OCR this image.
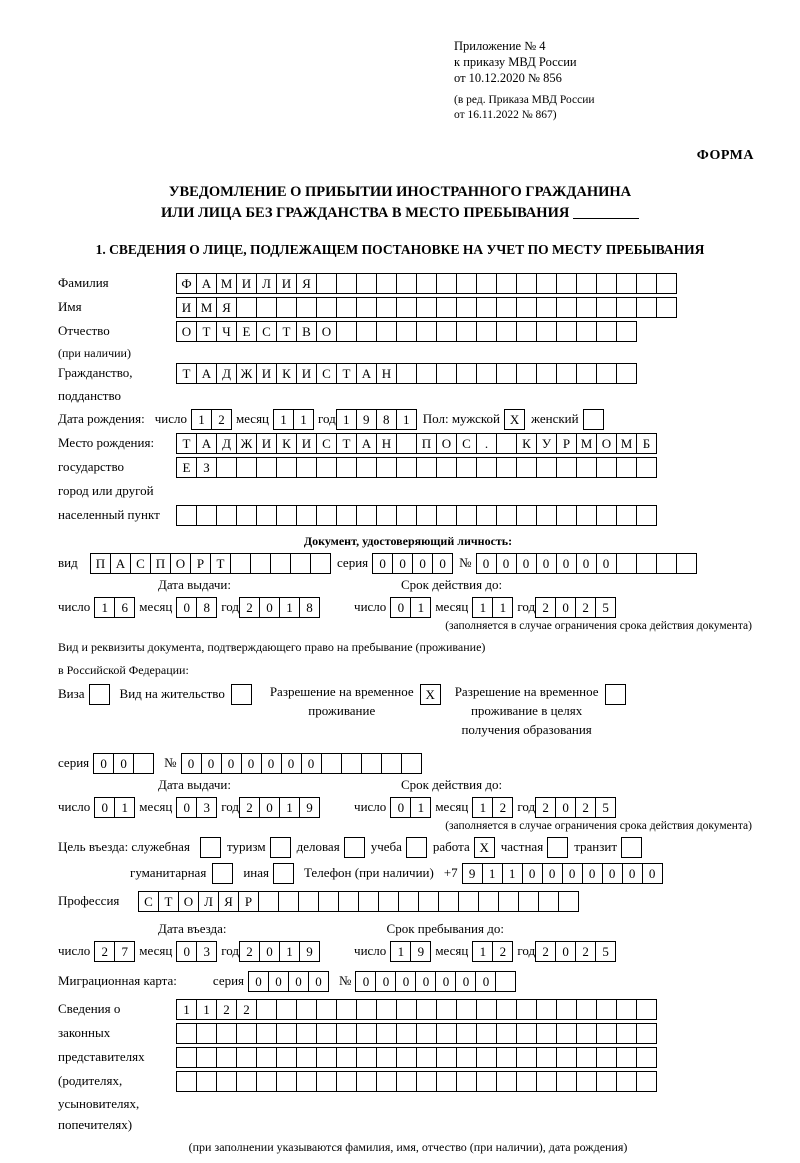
Приложение № 4
к приказу МВД России
от 10.12.2020 № 856
(в ред. Приказа МВД России
от 16.11.2022 № 867)
ФОРМА
УВЕДОМЛЕНИЕ О ПРИБЫТИИ ИНОСТРАННОГО ГРАЖДАНИНА
ИЛИ ЛИЦА БЕЗ ГРАЖДАНСТВА В МЕСТО ПРЕБЫВАНИЯ
1. СВЕДЕНИЯ О ЛИЦЕ, ПОДЛЕЖАЩЕМ ПОСТАНОВКЕ НА УЧЕТ ПО МЕСТУ ПРЕБЫВАНИЯ
Фамилия	Ф А М И Л И Я
Имя	И М Я
Отчество	О Т Ч Е С Т В О
(при наличии)
Гражданство,	Т А Д Ж И К И С Т А Н
подданство
Дата рождения: число 1	2 месяц 1	1 год 1	9	8	1	Пол: мужской X женский
Место рождения:	Т А Д Ж И К И С Т А Н	П О С	.	К У Р М О М Б
государство	Е З
город или другой
населенный пункт
Документ, удостоверяющий личность:
вид	П А С П О Р Т	серия 0	0	0	0	№ 0	0	0	0	0	0	0
Дата выдачи:	Срок действия до:
число 1	6 месяц 0	8 год 2	0	1	8	число 0	1 месяц 1	1 год 2	0	2	5
(заполняется в случае ограничения срока действия документа)
Вид и реквизиты документа, подтверждающего право на пребывание (проживание)
в Российской Федерации:
Виза	Вид на жительство	Разрешение на временное
проживание
X	Разрешение на временное
проживание в целях
получения образования
серия 0	0	№ 0	0	0	0	0	0	0
Дата выдачи:	Срок действия до:
число 0	1 месяц 0	3 год 2	0	1	9	число 0	1 месяц 1	2 год 2	0	2	5
(заполняется в случае ограничения срока действия документа)
Цель въезда: служебная	туризм деловая учеба работа X частная транзит
гуманитарная	иная	Телефон (при наличии) +7 9	1	1	0	0	0	0	0	0	0
Профессия	С Т О Л Я Р
Дата въезда:	Срок пребывания до:
число 2	7 месяц 0	3 год 2	0	1	9	число 1	9 месяц 1	2 год 2	0	2	5
Миграционная карта:	серия 0	0	0	0	№ 0	0	0	0	0	0	0
Сведения о	1	1	2	2
законных
представителях
(родителях,
усыновителях,
попечителях)
(при заполнении указываются фамилия, имя, отчество (при наличии), дата рождения)
